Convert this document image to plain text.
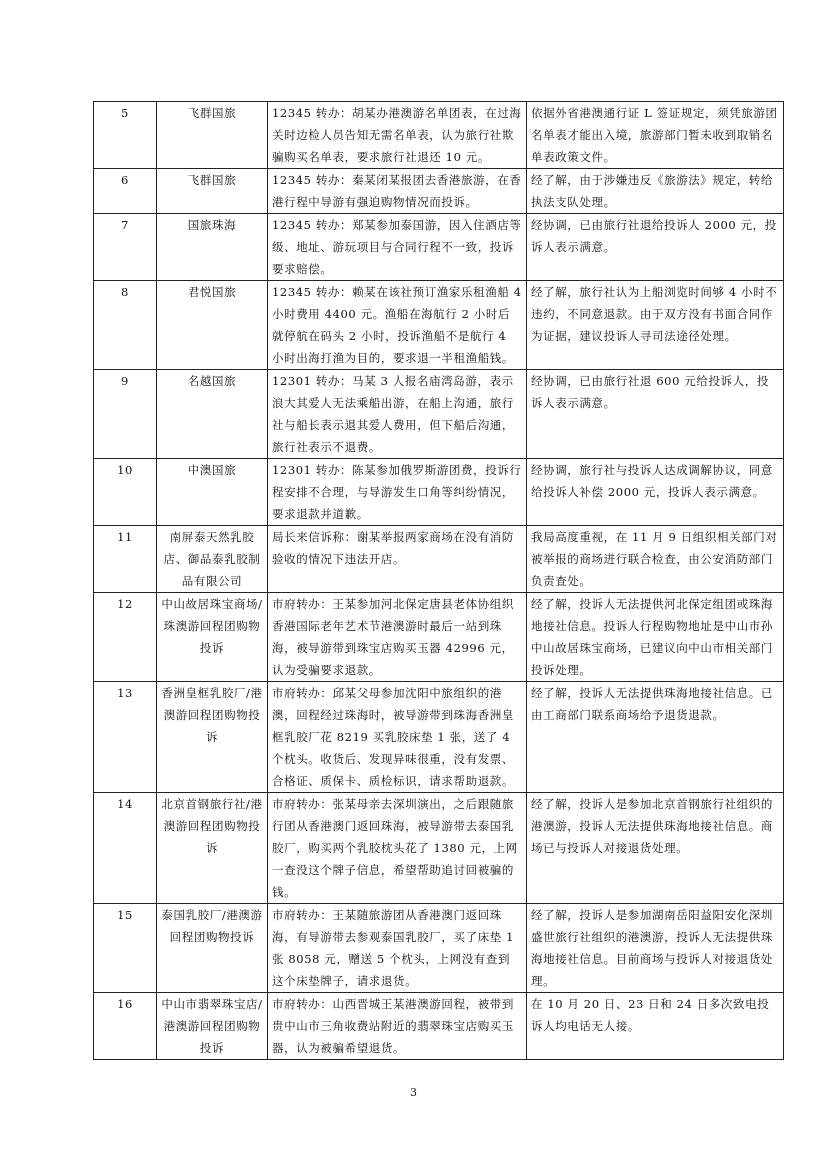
5	飞群国旅	12345 转办：胡某办港澳游名单团表，在过海关时边检人员告知无需名单表，认为旅行社欺骗购买名单表，要求旅行社退还 10 元。	依据外省港澳通行证 L 签证规定，须凭旅游团名单表才能出入境，旅游部门暂未收到取销名单表政策文件。
6	飞群国旅	12345 转办：秦某闭某报团去香港旅游，在香港行程中导游有强迫购物情况而投诉。	经了解，由于涉嫌违反《旅游法》规定，转给执法支队处理。
7	国旅珠海	12345 转办：郑某参加泰国游，因入住酒店等级、地址、游玩项目与合同行程不一致，投诉要求赔偿。	经协调，已由旅行社退给投诉人 2000 元，投诉人表示满意。
8	君悦国旅	12345 转办：赖某在该社预订渔家乐租渔船 4 小时费用 4400 元。渔船在海航行 2 小时后就停航在码头 2 小时，投诉渔船不是航行 4 小时出海打渔为目的，要求退一半租渔船钱。	经了解，旅行社认为上船浏览时间够 4 小时不违约，不同意退款。由于双方没有书面合同作为证据，建议投诉人寻司法途径处理。
9	名越国旅	12301 转办：马某 3 人报名庙湾岛游，表示浪大其爱人无法乘船出游，在船上沟通，旅行社与船长表示退其爱人费用，但下船后沟通，旅行社表示不退费。	经协调，已由旅行社退 600 元给投诉人，投诉人表示满意。
10	中澳国旅	12301 转办：陈某参加俄罗斯游团费，投诉行程安排不合理，与导游发生口角等纠纷情况，要求退款并道歉。	经协调，旅行社与投诉人达成调解协议，同意给投诉人补偿 2000 元，投诉人表示满意。
11	南屏泰天然乳胶店、御品泰乳胶制品有限公司	局长来信诉称：谢某举报两家商场在没有消防验收的情况下违法开店。	我局高度重视，在 11 月 9 日组织相关部门对被举报的商场进行联合检查，由公安消防部门负责查处。
12	中山故居珠宝商场/珠澳游回程团购物投诉	市府转办：王某参加河北保定唐县老体协组织香港国际老年艺术节港澳游时最后一站到珠海，被导游带到珠宝店购买玉器 42996 元，认为受骗要求退款。	经了解，投诉人无法提供河北保定组团或珠海地接社信息。投诉人行程购物地址是中山市孙中山故居珠宝商场，已建议向中山市相关部门投诉处理。
13	香洲皇框乳胶厂/港澳游回程团购物投诉	市府转办：邱某父母参加沈阳中旅组织的港澳，回程经过珠海时，被导游带到珠海香洲皇框乳胶厂花 8219 买乳胶床垫 1 张，送了 4 个枕头。收货后、发现异味很重，没有发票、合格证、质保卡、质检标识，请求帮助退款。	经了解，投诉人无法提供珠海地接社信息。已由工商部门联系商场给予退货退款。
14	北京首钢旅行社/港澳游回程团购物投诉	市府转办：张某母亲去深圳演出，之后跟随旅行团从香港澳门返回珠海，被导游带去泰国乳胶厂，购买两个乳胶枕头花了 1380 元，上网一查没这个牌子信息，希望帮助追讨回被骗的钱。	经了解，投诉人是参加北京首钢旅行社组织的港澳游，投诉人无法提供珠海地接社信息。商场已与投诉人对接退货处理。
15	泰国乳胶厂/港澳游回程团购物投诉	市府转办：王某随旅游团从香港澳门返回珠海，有导游带去参观泰国乳胶厂，买了床垫 1 张 8058 元，赠送 5 个枕头，上网没有查到这个床垫牌子，请求退货。	经了解，投诉人是参加湖南岳阳益阳安化深圳盛世旅行社组织的港澳游，投诉人无法提供珠海地接社信息。目前商场与投诉人对接退货处理。
16	中山市翡翠珠宝店/港澳游回程团购物投诉	市府转办：山西晋城王某港澳游回程，被带到贵中山市三角收费站附近的翡翠珠宝店购买玉器，认为被骗希望退货。	在 10 月 20 日、23 日和 24 日多次致电投诉人均电话无人接。
3
